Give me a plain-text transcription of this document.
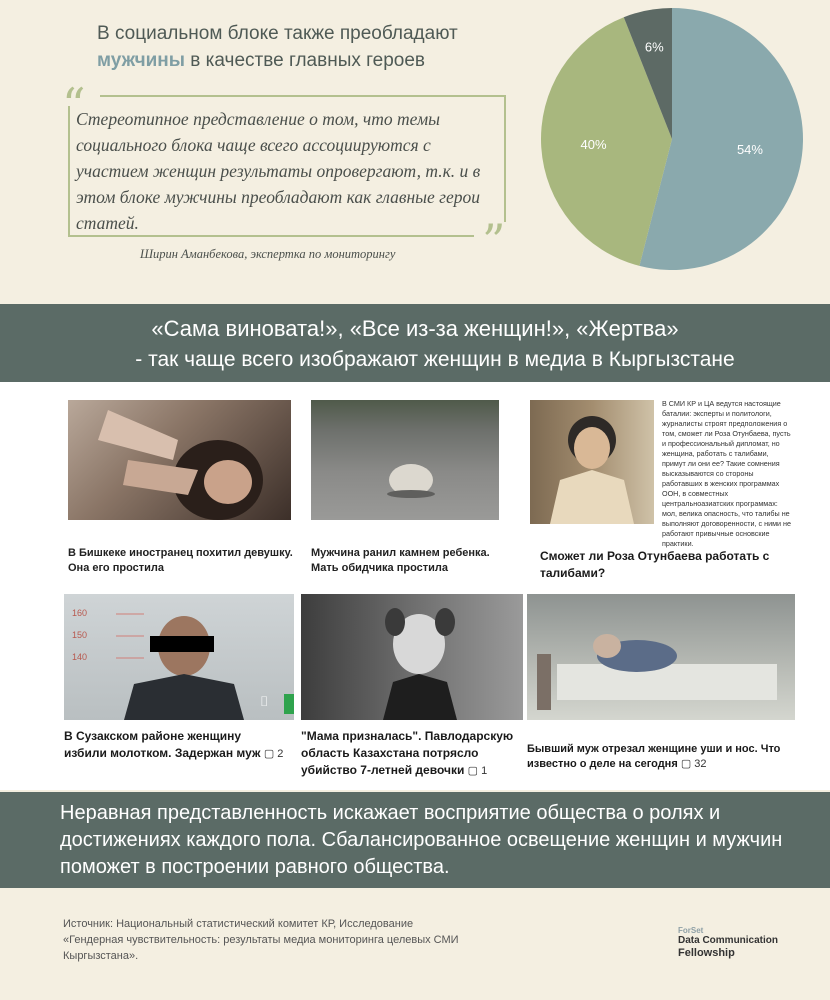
В социальном блоке также преобладают
мужчины в качестве главных героев
“
”
Стереотипное представление о том, что темы социального блока чаще всего ассоциируются с участием женщин результаты опровергают, т.к. и в этом блоке мужчины преобладают как главные герои статей.
Ширин Аманбекова, экспертка по мониторингу
54%
40%
6%
«Сама виновата!», «Все из-за женщин!», «Жертва»
- так чаще всего изображают женщин в медиа в Кыргызстане
В Бишкеке иностранец похитил девушку. Она его простила
Мужчина ранил камнем ребенка. Мать обидчика простила
В СМИ КР и ЦА ведутся настоящие баталии: эксперты и политологи, журналисты строят предположения о том, сможет ли Роза Отунбаева, пусть и профессиональный дипломат, но женщина, работать с талибами, примут ли они ее? Такие сомнения высказываются со стороны работавших в женских программах ООН, в совместных центральноазиатских программах: мол, велика опасность, что талибы не выполняют договоренности, с ними не работают привычные основские практики.
Сможет ли Роза Отунбаева работать с талибами?
160
150
140
⌷
В Сузакском районе женщину избили молотком. Задержан муж ▢ 2
"Мама призналась". Павлодарскую область Казахстана потрясло убийство 7-летней девочки ▢ 1
Бывший муж отрезал женщине уши и нос. Что известно о деле на сегодня ▢ 32
Неравная представленность искажает восприятие общества о ролях и достижениях каждого пола. Сбалансированное освещение женщин и мужчин поможет в построении равного общества.
Источник: Национальный статистический комитет КР, Исследование «Гендерная чувствительность: результаты медиа мониторинга целевых СМИ Кыргызстана».
ForSet
Data Communication
Fellowship
